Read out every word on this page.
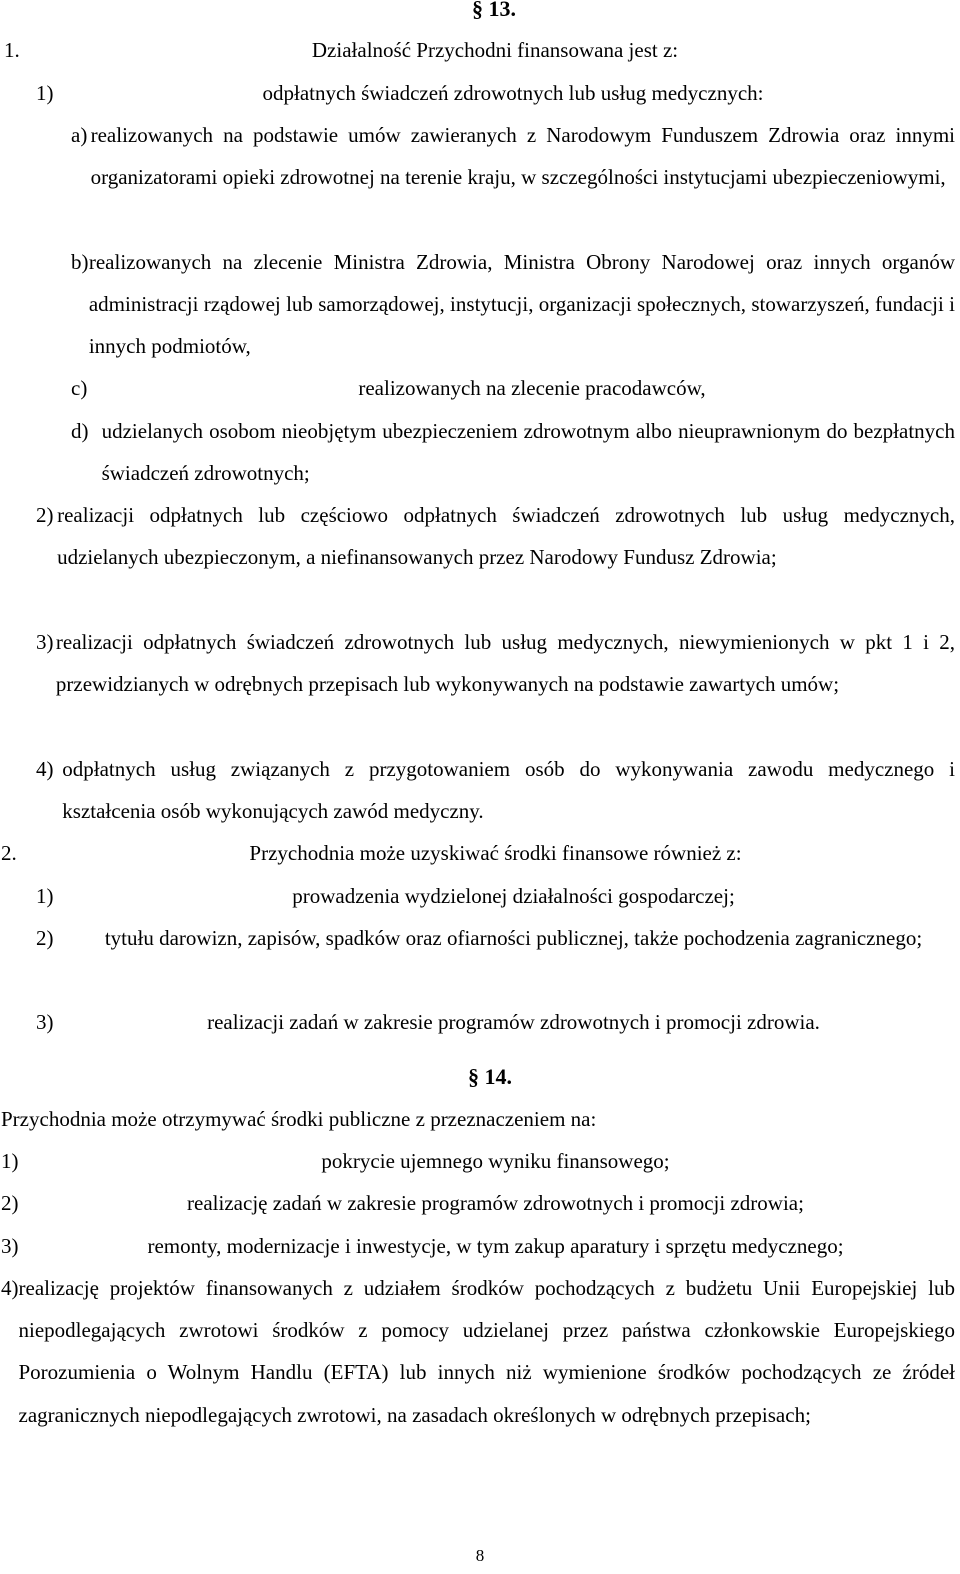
§ 13.
1.	Działalność Przychodni finansowana jest z:
1)	odpłatnych świadczeń zdrowotnych lub usług medycznych:
a) realizowanych na podstawie umów zawieranych z Narodowym Funduszem Zdrowia oraz innymi organizatorami opieki zdrowotnej na terenie kraju, w szczególności instytucjami ubezpieczeniowymi,
b) realizowanych na zlecenie Ministra Zdrowia, Ministra Obrony Narodowej oraz innych organów administracji rządowej lub samorządowej, instytucji, organizacji społecznych, stowarzyszeń, fundacji i innych podmiotów,
c)	realizowanych na zlecenie pracodawców,
d) udzielanych osobom nieobjętym ubezpieczeniem zdrowotnym albo nieuprawnionym do bezpłatnych świadczeń zdrowotnych;
2) realizacji odpłatnych lub częściowo odpłatnych świadczeń zdrowotnych lub usług medycznych, udzielanych ubezpieczonym, a niefinansowanych przez Narodowy Fundusz Zdrowia;
3) realizacji odpłatnych świadczeń zdrowotnych lub usług medycznych, niewymienionych w pkt 1 i 2, przewidzianych w odrębnych przepisach lub wykonywanych na podstawie zawartych umów;
4) odpłatnych usług związanych z przygotowaniem osób do wykonywania zawodu medycznego i kształcenia osób wykonujących zawód medyczny.
2.	Przychodnia może uzyskiwać środki finansowe również z:
1)	prowadzenia wydzielonej działalności gospodarczej;
2)	tytułu darowizn, zapisów, spadków oraz ofiarności publicznej, także pochodzenia zagranicznego;
3)	realizacji zadań w zakresie programów zdrowotnych i promocji zdrowia.
§ 14.
Przychodnia może otrzymywać środki publiczne z przeznaczeniem na:
1)	pokrycie ujemnego wyniku finansowego;
2)	realizację zadań w zakresie programów zdrowotnych i promocji zdrowia;
3)	remonty, modernizacje i inwestycje, w tym zakup aparatury i sprzętu medycznego;
4) realizację projektów finansowanych z udziałem środków pochodzących z budżetu Unii Europejskiej lub niepodlegających zwrotowi środków z pomocy udzielanej przez państwa członkowskie Europejskiego Porozumienia o Wolnym Handlu (EFTA) lub innych niż wymienione środków pochodzących ze źródeł zagranicznych niepodlegających zwrotowi, na zasadach określonych w odrębnych przepisach;
8
